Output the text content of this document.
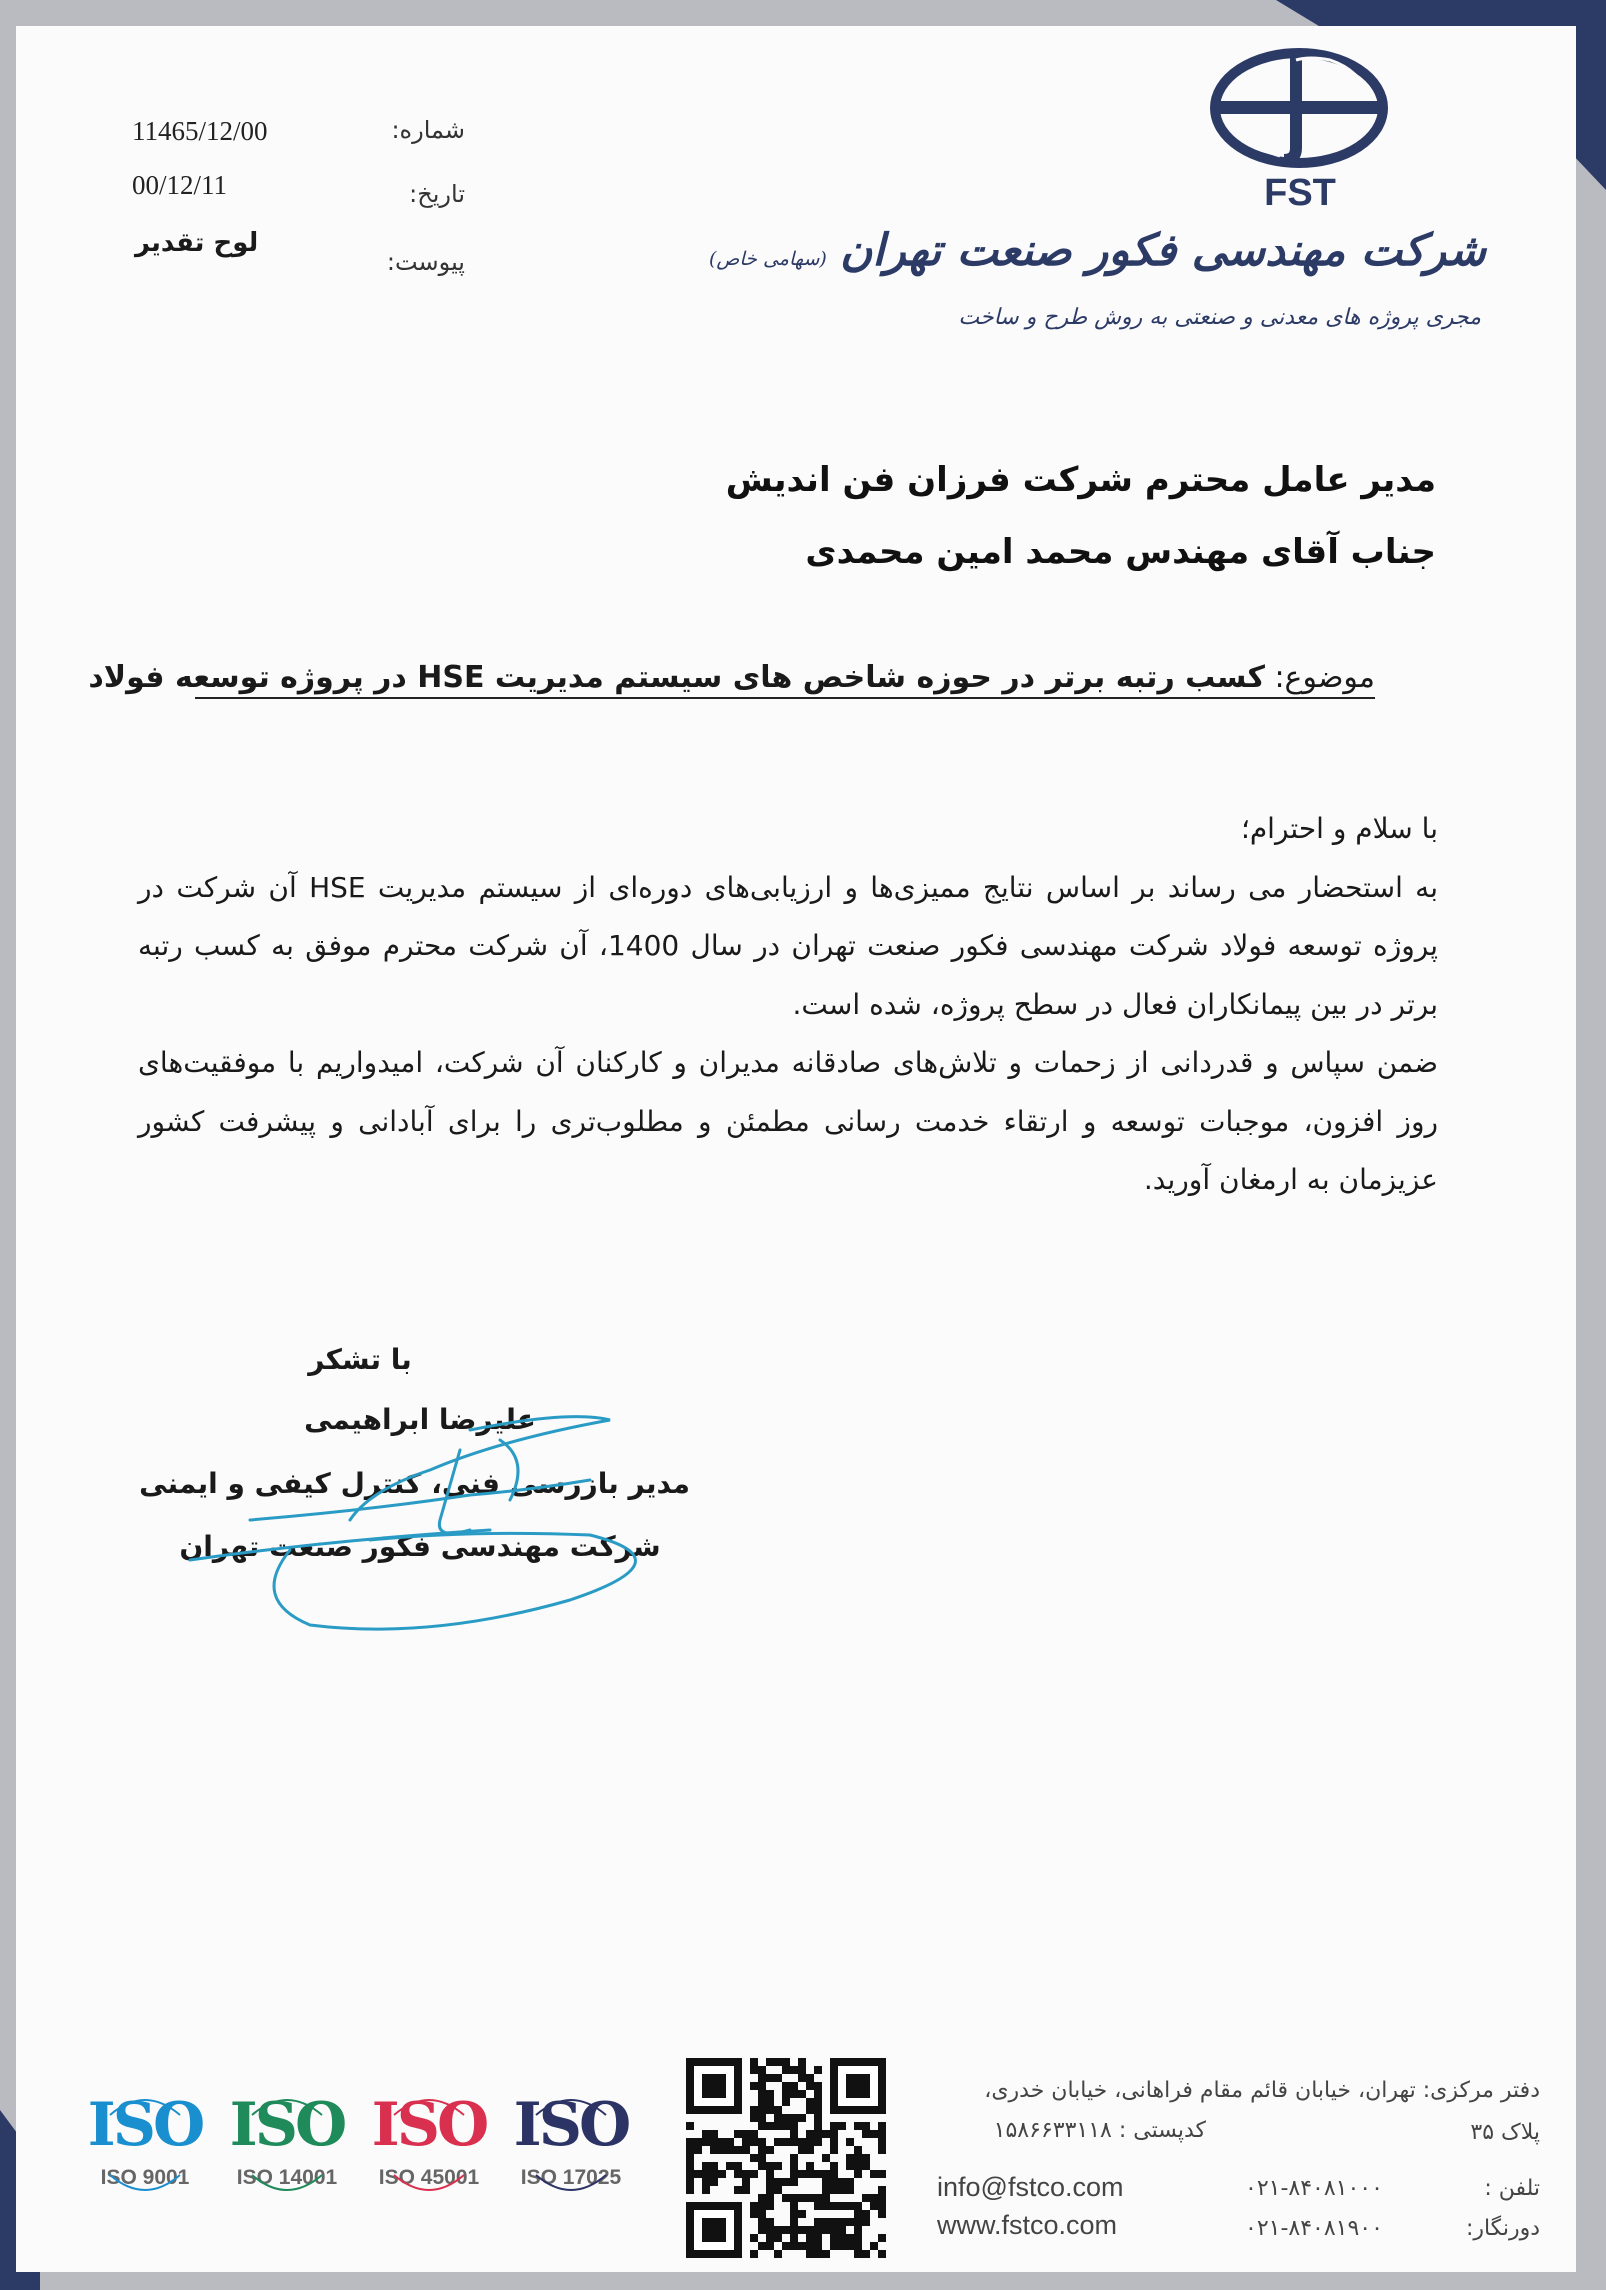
FST
شرکت مهندسی فکور صنعت تهران (سهامی خاص)
مجری پروژه های معدنی و صنعتی به روش طرح و ساخت
شماره:
11465/12/00
تاریخ:
00/12/11
پیوست:
لوح تقدیر
مدیر عامل محترم شرکت فرزان فن اندیش
جناب آقای مهندس محمد امین محمدی
موضوع: کسب رتبه برتر در حوزه شاخص های سیستم مدیریت HSE در پروژه توسعه فولاد

با سلام و احترام؛

به استحضار می رساند بر اساس نتایج ممیزی‌ها و ارزیابی‌های دوره‌ای از سیستم مدیریت HSE آن شرکت در پروژه توسعه فولاد شرکت مهندسی فکور صنعت تهران در سال 1400، آن شرکت محترم موفق به کسب رتبه برتر در بین پیمانکاران فعال در سطح پروژه، شده است.

ضمن سپاس و قدردانی از زحمات و تلاش‌های صادقانه مدیران و کارکنان آن شرکت، امیدواریم با موفقیت‌های روز افزون، موجبات توسعه و ارتقاء خدمت رسانی مطمئن و مطلوب‌تری را برای آبادانی و پیشرفت کشور عزیزمان به ارمغان آورید.

با تشکر
علیرضا ابراهیمی
مدیر بازرسی فنی، کنترل کیفی و ایمنی
شرکت مهندسی فکور صنعت تهران
ISO
ISO 9001
ISO
ISO 14001
ISO
ISO 45001
ISO
ISO 17025
دفتر مرکزی: تهران، خیابان قائم مقام فراهانی، خیابان خدری،
پلاک ۳۵
کدپستی : ۱۵۸۶۶۳۳۱۱۸
تلفن :
۰۲۱-۸۴۰۸۱۰۰۰
دورنگار:
۰۲۱-۸۴۰۸۱۹۰۰
info@fstco.com
www.fstco.com
